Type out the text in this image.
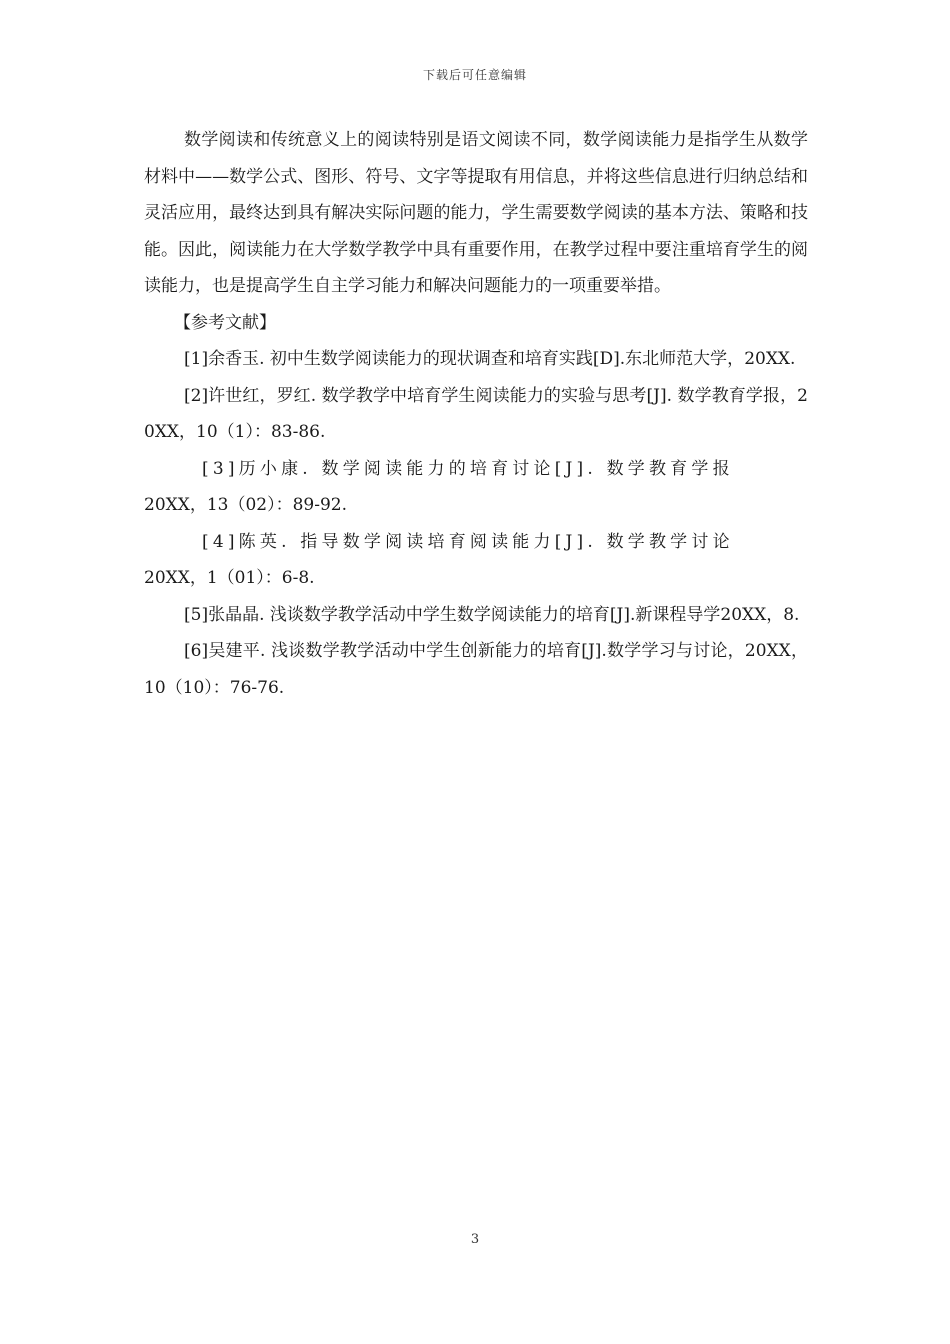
下载后可任意编辑

数学阅读和传统意义上的阅读特别是语文阅读不同，数学阅读能力是指学生从数学材料中——数学公式、图形、符号、文字等提取有用信息，并将这些信息进行归纳总结和灵活应用，最终达到具有解决实际问题的能力，学生需要数学阅读的基本方法、策略和技能。因此，阅读能力在大学数学教学中具有重要作用，在教学过程中要注重培育学生的阅读能力，也是提高学生自主学习能力和解决问题能力的一项重要举措。

【参考文献】

[1]余香玉. 初中生数学阅读能力的现状调查和培育实践[D].东北师范大学，20XX.

[2]许世红，罗红. 数学教学中培育学生阅读能力的实验与思考[J]. 数学教育学报，20XX，10（1）：83-86.

[3]历小康. 数学阅读能力的培育讨论[J]. 数学教育学报
20XX，13（02）：89-92.

[4]陈英. 指导数学阅读培育阅读能力[J]. 数学教学讨论
20XX，1（01）：6-8.

[5]张晶晶. 浅谈数学教学活动中学生数学阅读能力的培育[J].新课程导学20XX，8.

[6]吴建平. 浅谈数学教学活动中学生创新能力的培育[J].数学学习与讨论，20XX，10（10）：76-76.

3
